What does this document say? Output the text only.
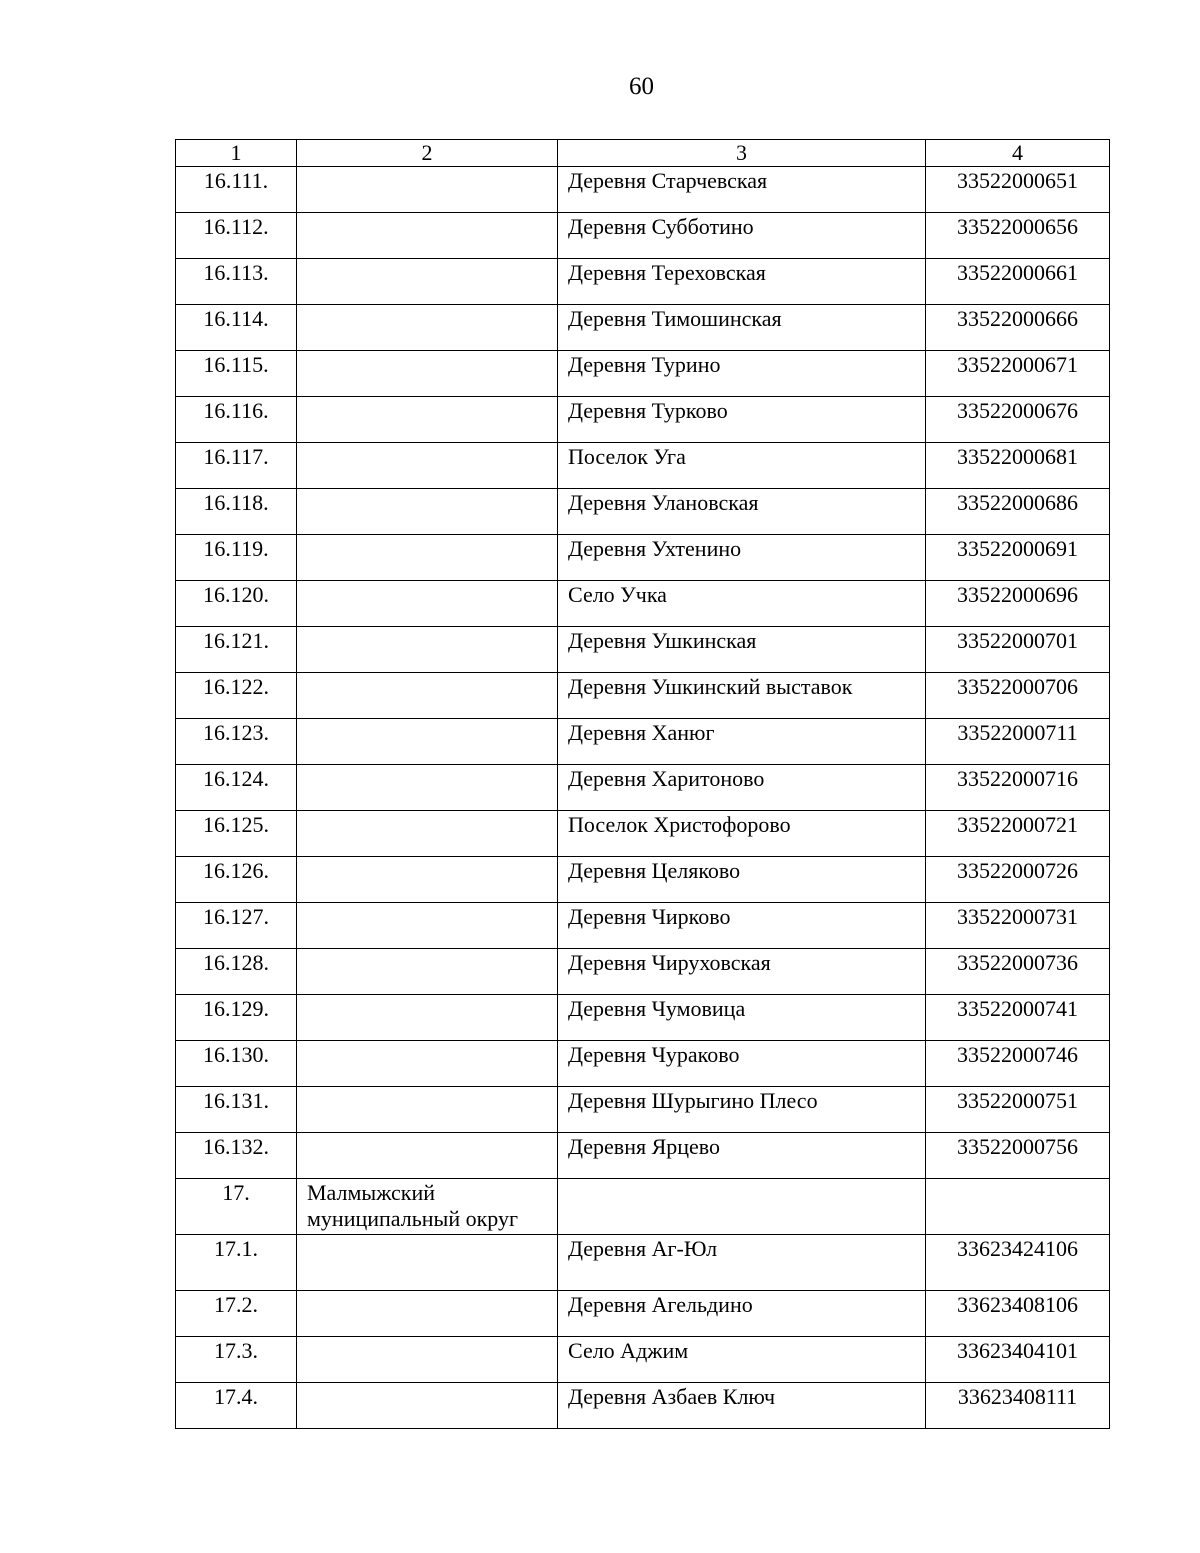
60
1	2	3	4
16.111.		Деревня Старчевская	33522000651
16.112.		Деревня Субботино	33522000656
16.113.		Деревня Тереховская	33522000661
16.114.		Деревня Тимошинская	33522000666
16.115.		Деревня Турино	33522000671
16.116.		Деревня Турково	33522000676
16.117.		Поселок Уга	33522000681
16.118.		Деревня Улановская	33522000686
16.119.		Деревня Ухтенино	33522000691
16.120.		Село Учка	33522000696
16.121.		Деревня Ушкинская	33522000701
16.122.		Деревня Ушкинский выставок	33522000706
16.123.		Деревня Ханюг	33522000711
16.124.		Деревня Харитоново	33522000716
16.125.		Поселок Христофорово	33522000721
16.126.		Деревня Целяково	33522000726
16.127.		Деревня Чирково	33522000731
16.128.		Деревня Чируховская	33522000736
16.129.		Деревня Чумовица	33522000741
16.130.		Деревня Чураково	33522000746
16.131.		Деревня Шурыгино Плесо	33522000751
16.132.		Деревня Ярцево	33522000756
17.	Малмыжский муниципальный округ		
17.1.		Деревня Аг-Юл	33623424106
17.2.		Деревня Агельдино	33623408106
17.3.		Село Аджим	33623404101
17.4.		Деревня Азбаев Ключ	33623408111
